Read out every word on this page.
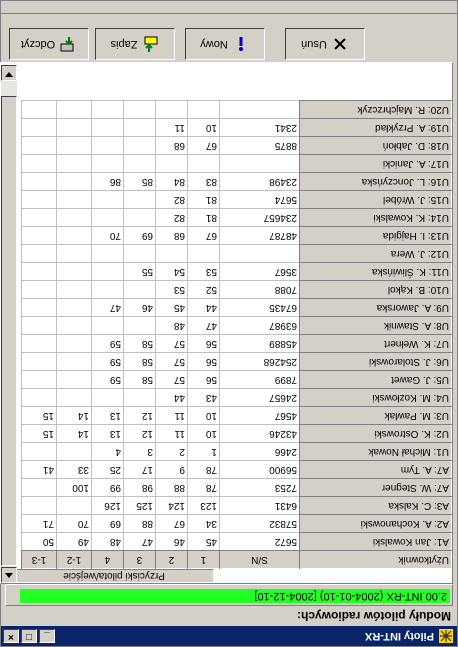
Piloty INT-RX
_
□
×
Moduły pilotów radiowych:
2.00 INT-RX (2004-01-10) [2004-12-10]
Przyciski pilota/wejście
Użytkownik	S/N	1	2	3	4	1-2	1-3
A1: Jan Kowalski	5672	45	46	47	48	49	50
A2: A. Kochanowski	57832	34	67	88	69	70	71
A3: C. Kalska	6431	123	124	125	126		
A7: W. Stegner	7253	78	88	98	99	100	
A7: A. Tym	56900	78	9	17	25	33	41
U1: Michał Nowak	2466	1	2	3	4		
U2: K. Ostrowski	43246	10	11	12	13	14	15
U3: M. Pawlak	4567	10	11	12	13	14	15
U4: M. Kozłowski	24657	43	44				
U5: J. Gawet	7899	56	57	58	59		
U6: J. Stolarowski	254268	56	57	58	59		
U7: K. Wełnert	45889	56	57	58	59		
U8: A. Stawnik	63987	47	48				
U9: A. Jaworska	67435	44	45	46	47		
U10: B. Kąkol	7088	52	53				
U11: K. Śliwińska	3567	53	54	55			
U12: J. Wera							
U13: I. Hajgida	48787	67	68	69	70		
U14: K. Kowalski	234657	81	82				
U15: J. Wróbel	5674	81	82				
U16: L. Jonczyńska	23498	83	84	85	86		
U17: A. Janicki							
U18: D. Jabłoń	8875	67	68				
U19: A. Przykład	2341	10	11				
U20: R. Majchrzczyk							
Usuń
Nowy
Zapis
Odczyt
